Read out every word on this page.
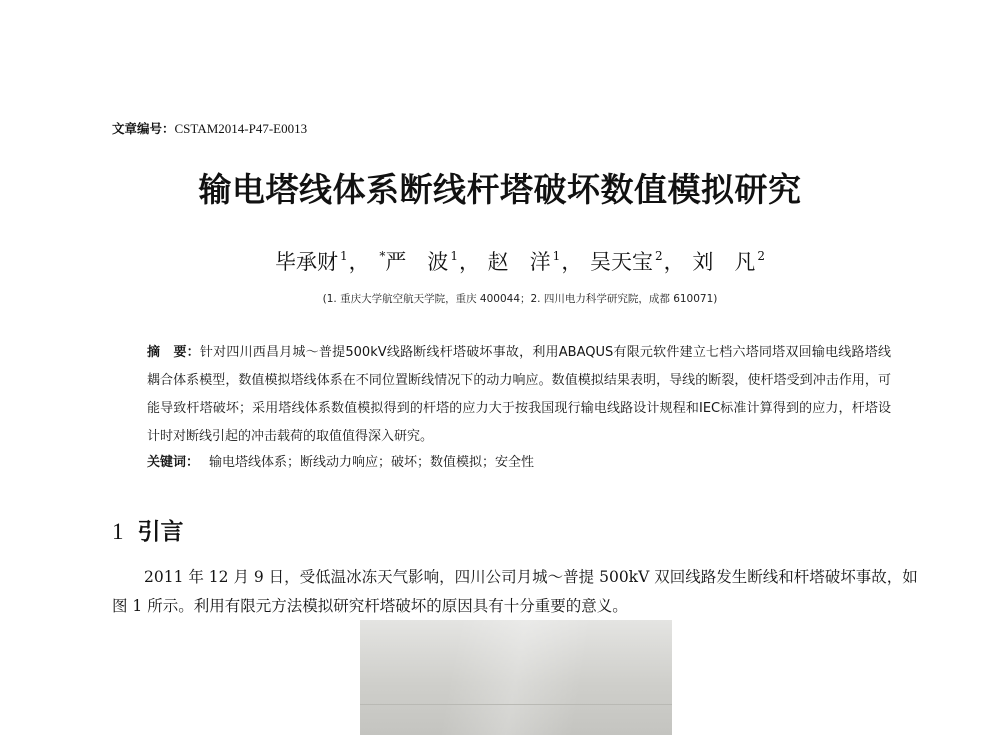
文章编号：CSTAM2014-P47-E0013
输电塔线体系断线杆塔破坏数值模拟研究
毕承财 $^1$， *严　波 $^1$， 赵　洋 $^1$， 吴天宝 $^2$， 刘　凡 $^2$
(1. 重庆大学航空航天学院，重庆 400044；2. 四川电力科学研究院，成都 610071)
摘　要：针对四川西昌月城～普提500kV线路断线杆塔破坏事故，利用ABAQUS有限元软件建立七档六塔同塔双回输电线路塔线耦合体系模型，数值模拟塔线体系在不同位置断线情况下的动力响应。数值模拟结果表明，导线的断裂，使杆塔受到冲击作用，可能导致杆塔破坏；采用塔线体系数值模拟得到的杆塔的应力大于按我国现行输电线路设计规程和IEC标准计算得到的应力，杆塔设计时对断线引起的冲击载荷的取值值得深入研究。
关键词： 输电塔线体系；断线动力响应；破坏；数值模拟；安全性
1 引言

2011 年 12 月 9 日，受低温冰冻天气影响，四川公司月城～普提 500kV 双回线路发生断线和杆塔破坏事故，如图 1 所示。利用有限元方法模拟研究杆塔破坏的原因具有十分重要的意义。
